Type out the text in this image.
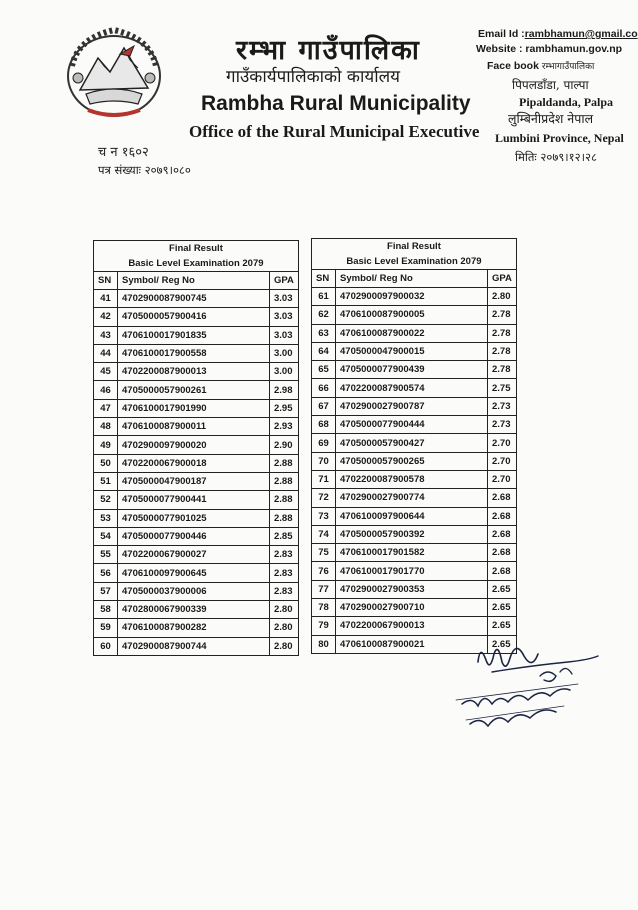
रम्भा गाउँपालिका
गाउँकार्यपालिकाको कार्यालय
Rambha Rural Municipality
Office of the Rural Municipal Executive
Email Id :rambhamun@gmail.co
Website : rambhamun.gov.np
Face book रम्भागाउँपालिका
पिपलडाँडा, पाल्पा
Pipaldanda, Palpa
लुम्बिनीप्रदेश नेपाल
Lumbini Province, Nepal
मितिः २०७९।१२।२८
च न १६०२
पत्र संख्याः २०७९।०८०
Final Result		
Basic Level Examination 2079		
SN	Symbol/ Reg No	GPA
41	4702900087900745	3.03
42	4705000057900416	3.03
43	4706100017901835	3.03
44	4706100017900558	3.00
45	4702200087900013	3.00
46	4705000057900261	2.98
47	4706100017901990	2.95
48	4706100087900011	2.93
49	4702900097900020	2.90
50	4702200067900018	2.88
51	4705000047900187	2.88
52	4705000077900441	2.88
53	4705000077901025	2.88
54	4705000077900446	2.85
55	4702200067900027	2.83
56	4706100097900645	2.83
57	4705000037900006	2.83
58	4702800067900339	2.80
59	4706100087900282	2.80
60	4702900087900744	2.80
Final Result		
Basic Level Examination 2079		
SN	Symbol/ Reg No	GPA
61	4702900097900032	2.80
62	4706100087900005	2.78
63	4706100087900022	2.78
64	4705000047900015	2.78
65	4705000077900439	2.78
66	4702200087900574	2.75
67	4702900027900787	2.73
68	4705000077900444	2.73
69	4705000057900427	2.70
70	4705000057900265	2.70
71	4702200087900578	2.70
72	4702900027900774	2.68
73	4706100097900644	2.68
74	4705000057900392	2.68
75	4706100017901582	2.68
76	4706100017901770	2.68
77	4702900027900353	2.65
78	4702900027900710	2.65
79	4702200067900013	2.65
80	4706100087900021	2.65
